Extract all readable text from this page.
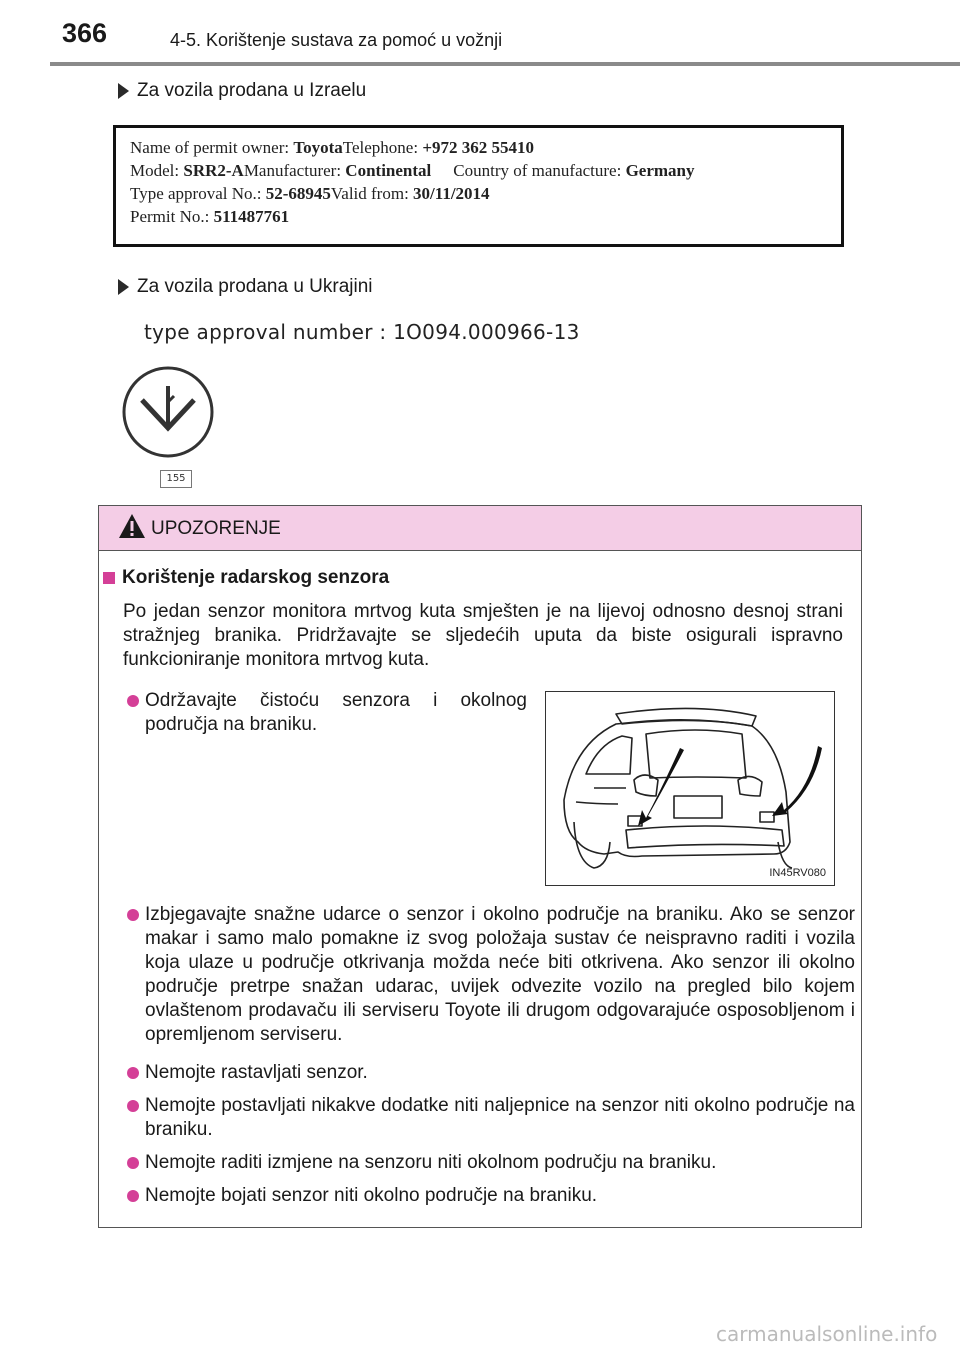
366	4-5. Korištenje sustava za pomoć u vožnji
Za vozila prodana u Izraelu
Name of permit owner: ToyotaTelephone: +972 362 55410
Model: SRR2-AManufacturer: Continental Country of manufacture: Germany
Type approval No.: 52-68945Valid from: 30/11/2014
Permit No.: 511487761
Za vozila prodana u Ukrajini
type approval number : 1O094.000966-13
155
UPOZORENJE
Korištenje radarskog senzora
Po jedan senzor monitora mrtvog kuta smješten je na lijevoj odnosno desnoj strani stražnjeg branika. Pridržavajte se sljedećih uputa da biste osigurali ispravno funkcioniranje monitora mrtvog kuta.
Održavajte čistoću senzora i okolnog područja na braniku.
IN45RV080
Izbjegavajte snažne udarce o senzor i okolno područje na braniku. Ako se senzor makar i samo malo pomakne iz svog položaja sustav će neispravno raditi i vozila koja ulaze u područje otkrivanja možda neće biti otkrivena. Ako senzor ili okolno područje pretrpe snažan udarac, uvijek odvezite vozilo na pregled bilo kojem ovlaštenom prodavaču ili serviseru Toyote ili drugom odgovarajuće osposobljenom i opremljenom serviseru.
Nemojte rastavljati senzor.
Nemojte postavljati nikakve dodatke niti naljepnice na senzor niti okolno područje na braniku.
Nemojte raditi izmjene na senzoru niti okolnom području na braniku.
Nemojte bojati senzor niti okolno područje na braniku.
carmanualsonline.info
